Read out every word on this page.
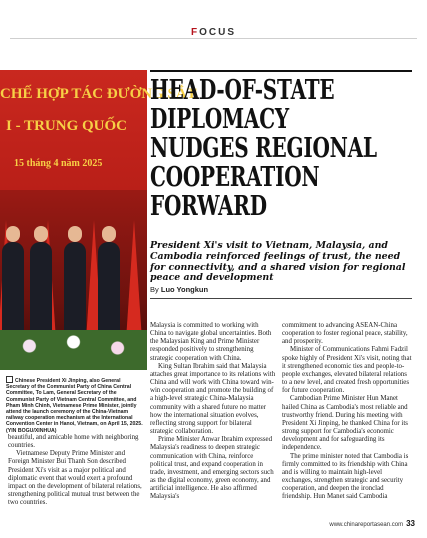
FOCUS
CHẾ HỢP TÁC ĐƯỜNG SẮT
I - TRUNG QUỐC
15 tháng 4 năm 2025
Chinese President Xi Jinping, also General Secretary of the Communist Party of China Central Committee, To Lam, General Secretary of the Communist Party of Vietnam Central Committee, and Pham Minh Chinh, Vietnamese Prime Minister, jointly attend the launch ceremony of the China-Vietnam railway cooperation mechanism at the International Convention Center in Hanoi, Vietnam, on April 15, 2025. (YIN BOGU/XINHUA)
HEAD-OF-STATE
DIPLOMACY
NUDGES REGIONAL
COOPERATION
FORWARD

President Xi's visit to Vietnam, Malaysia, and Cambodia reinforced feelings of trust, the need for connectivity, and a shared vision for regional peace and development

By Luo Yongkun

beautiful, and amicable home with neighboring countries.

Vietnamese Deputy Prime Minister and Foreign Minister Bui Thanh Son described President Xi's visit as a major political and diplomatic event that would exert a profound impact on the development of bilateral relations, strengthening political mutual trust between the two countries.

Malaysia is committed to working with China to navigate global uncertainties. Both the Malaysian King and Prime Minister responded positively to strengthening strategic cooperation with China.

King Sultan Ibrahim said that Malaysia attaches great importance to its relations with China and will work with China toward win-win cooperation and promote the building of a high-level strategic China-Malaysia community with a shared future no matter how the international situation evolves, reflecting strong support for bilateral strategic collaboration.

Prime Minister Anwar Ibrahim expressed Malaysia's readiness to deepen strategic communication with China, reinforce political trust, and expand cooperation in trade, investment, and emerging sectors such as the digital economy, green economy, and artificial intelligence. He also affirmed Malaysia's

commitment to advancing ASEAN-China cooperation to foster regional peace, stability, and prosperity.

Minister of Communications Fahmi Fadzil spoke highly of President Xi's visit, noting that it strengthened economic ties and people-to-people exchanges, elevated bilateral relations to a new level, and created fresh opportunities for future cooperation.

Cambodian Prime Minister Hun Manet hailed China as Cambodia's most reliable and trustworthy friend. During his meeting with President Xi Jinping, he thanked China for its strong support for Cambodia's economic development and for safeguarding its independence.

The prime minister noted that Cambodia is firmly committed to its friendship with China and is willing to maintain high-level exchanges, strengthen strategic and security cooperation, and deepen the ironclad friendship. Hun Manet said Cambodia

www.chinareportasean.com 33
